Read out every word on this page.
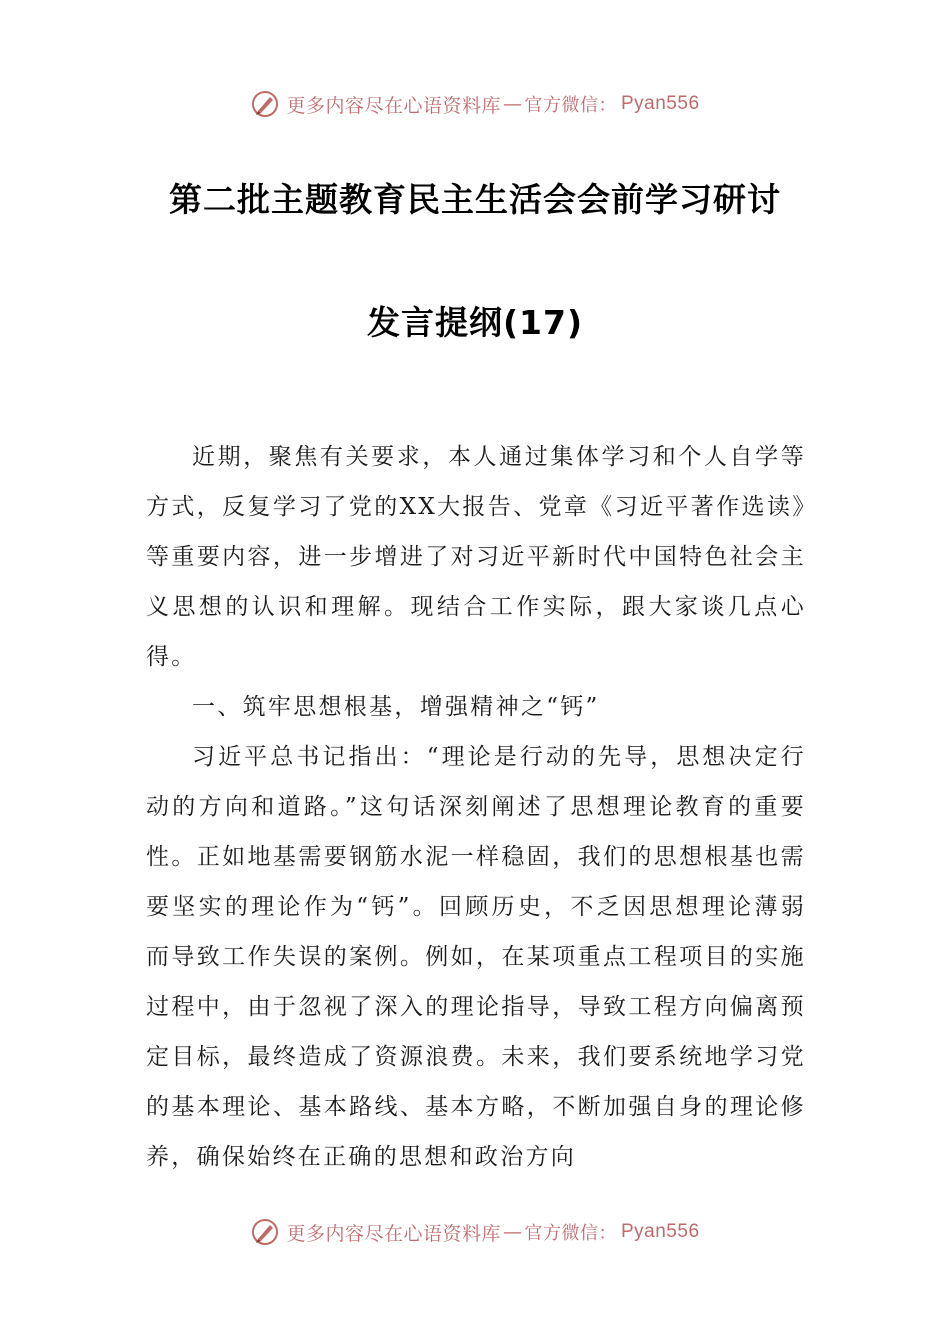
更多内容尽在心语资料库 — 官方微信： Pyan556
第二批主题教育民主生活会会前学习研讨
发言提纲(17)

近期，聚焦有关要求，本人通过集体学习和个人自学等方式，反复学习了党的XX大报告、党章《习近平著作选读》等重要内容，进一步增进了对习近平新时代中国特色社会主义思想的认识和理解。现结合工作实际，跟大家谈几点心得。

一、筑牢思想根基，增强精神之“钙”

习近平总书记指出：“理论是行动的先导，思想决定行动的方向和道路。”这句话深刻阐述了思想理论教育的重要性。正如地基需要钢筋水泥一样稳固，我们的思想根基也需要坚实的理论作为“钙”。回顾历史，不乏因思想理论薄弱而导致工作失误的案例。例如，在某项重点工程项目的实施过程中，由于忽视了深入的理论指导，导致工程方向偏离预定目标，最终造成了资源浪费。未来，我们要系统地学习党的基本理论、基本路线、基本方略，不断加强自身的理论修养，确保始终在正确的思想和政治方向

更多内容尽在心语资料库 — 官方微信： Pyan556
